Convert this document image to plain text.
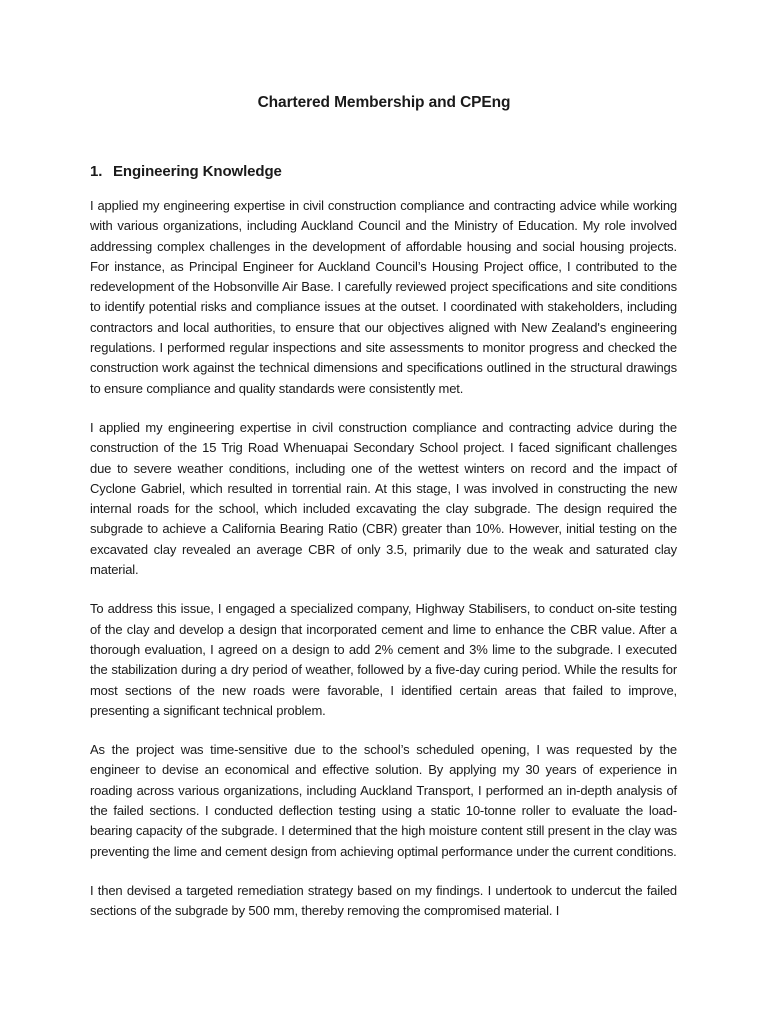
Chartered Membership and CPEng
1. Engineering Knowledge

I applied my engineering expertise in civil construction compliance and contracting advice while working with various organizations, including Auckland Council and the Ministry of Education. My role involved addressing complex challenges in the development of affordable housing and social housing projects. For instance, as Principal Engineer for Auckland Council’s Housing Project office, I contributed to the redevelopment of the Hobsonville Air Base. I carefully reviewed project specifications and site conditions to identify potential risks and compliance issues at the outset. I coordinated with stakeholders, including contractors and local authorities, to ensure that our objectives aligned with New Zealand's engineering regulations. I performed regular inspections and site assessments to monitor progress and checked the construction work against the technical dimensions and specifications outlined in the structural drawings to ensure compliance and quality standards were consistently met.

I applied my engineering expertise in civil construction compliance and contracting advice during the construction of the 15 Trig Road Whenuapai Secondary School project. I faced significant challenges due to severe weather conditions, including one of the wettest winters on record and the impact of Cyclone Gabriel, which resulted in torrential rain. At this stage, I was involved in constructing the new internal roads for the school, which included excavating the clay subgrade. The design required the subgrade to achieve a California Bearing Ratio (CBR) greater than 10%. However, initial testing on the excavated clay revealed an average CBR of only 3.5, primarily due to the weak and saturated clay material.

To address this issue, I engaged a specialized company, Highway Stabilisers, to conduct on-site testing of the clay and develop a design that incorporated cement and lime to enhance the CBR value. After a thorough evaluation, I agreed on a design to add 2% cement and 3% lime to the subgrade. I executed the stabilization during a dry period of weather, followed by a five-day curing period. While the results for most sections of the new roads were favorable, I identified certain areas that failed to improve, presenting a significant technical problem.

As the project was time-sensitive due to the school’s scheduled opening, I was requested by the engineer to devise an economical and effective solution. By applying my 30 years of experience in roading across various organizations, including Auckland Transport, I performed an in-depth analysis of the failed sections. I conducted deflection testing using a static 10-tonne roller to evaluate the load-bearing capacity of the subgrade. I determined that the high moisture content still present in the clay was preventing the lime and cement design from achieving optimal performance under the current conditions.

I then devised a targeted remediation strategy based on my findings. I undertook to undercut the failed sections of the subgrade by 500 mm, thereby removing the compromised material. I
